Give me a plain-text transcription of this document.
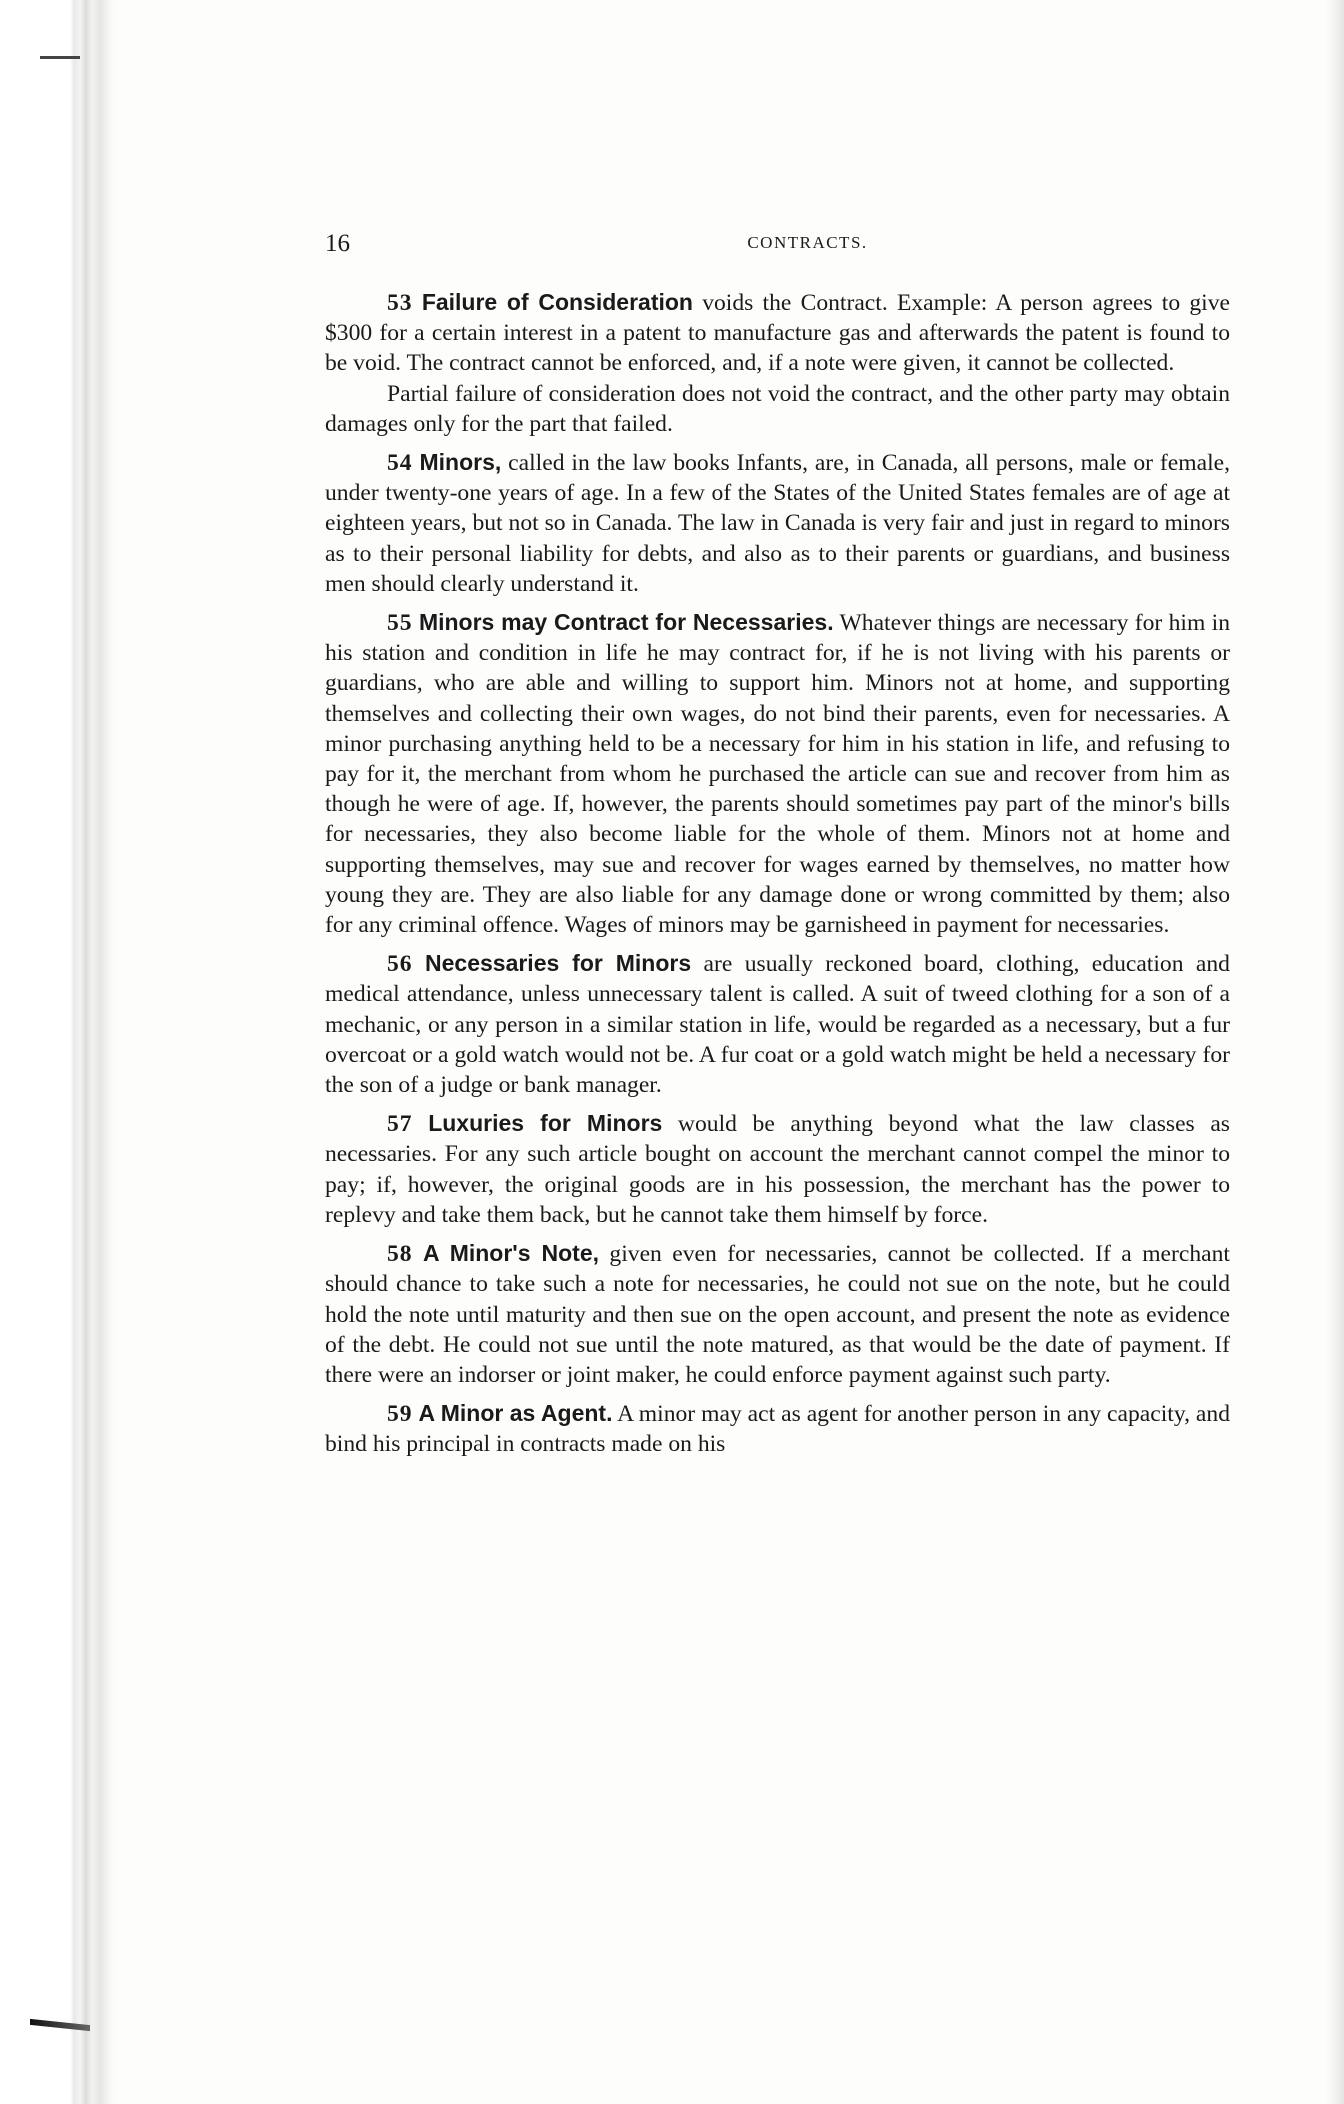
16	CONTRACTS.

53 Failure of Consideration voids the Contract. Example: A person agrees to give $300 for a certain interest in a patent to manufacture gas and afterwards the patent is found to be void. The contract cannot be enforced, and, if a note were given, it cannot be collected.

Partial failure of consideration does not void the contract, and the other party may obtain damages only for the part that failed.

54 Minors, called in the law books Infants, are, in Canada, all persons, male or female, under twenty-one years of age. In a few of the States of the United States females are of age at eighteen years, but not so in Canada. The law in Canada is very fair and just in regard to minors as to their personal liability for debts, and also as to their parents or guardians, and business men should clearly understand it.

55 Minors may Contract for Necessaries. Whatever things are necessary for him in his station and condition in life he may contract for, if he is not living with his parents or guardians, who are able and willing to support him. Minors not at home, and supporting themselves and collecting their own wages, do not bind their parents, even for necessaries. A minor purchasing anything held to be a necessary for him in his station in life, and refusing to pay for it, the merchant from whom he purchased the article can sue and recover from him as though he were of age. If, however, the parents should sometimes pay part of the minor's bills for necessaries, they also become liable for the whole of them. Minors not at home and supporting themselves, may sue and recover for wages earned by themselves, no matter how young they are. They are also liable for any damage done or wrong committed by them; also for any criminal offence. Wages of minors may be garnisheed in payment for necessaries.

56 Necessaries for Minors are usually reckoned board, clothing, education and medical attendance, unless unnecessary talent is called. A suit of tweed clothing for a son of a mechanic, or any person in a similar station in life, would be regarded as a necessary, but a fur overcoat or a gold watch would not be. A fur coat or a gold watch might be held a necessary for the son of a judge or bank manager.

57 Luxuries for Minors would be anything beyond what the law classes as necessaries. For any such article bought on account the merchant cannot compel the minor to pay; if, however, the original goods are in his possession, the merchant has the power to replevy and take them back, but he cannot take them himself by force.

58 A Minor's Note, given even for necessaries, cannot be collected. If a merchant should chance to take such a note for necessaries, he could not sue on the note, but he could hold the note until maturity and then sue on the open account, and present the note as evidence of the debt. He could not sue until the note matured, as that would be the date of payment. If there were an indorser or joint maker, he could enforce payment against such party.

59 A Minor as Agent. A minor may act as agent for another person in any capacity, and bind his principal in contracts made on his
